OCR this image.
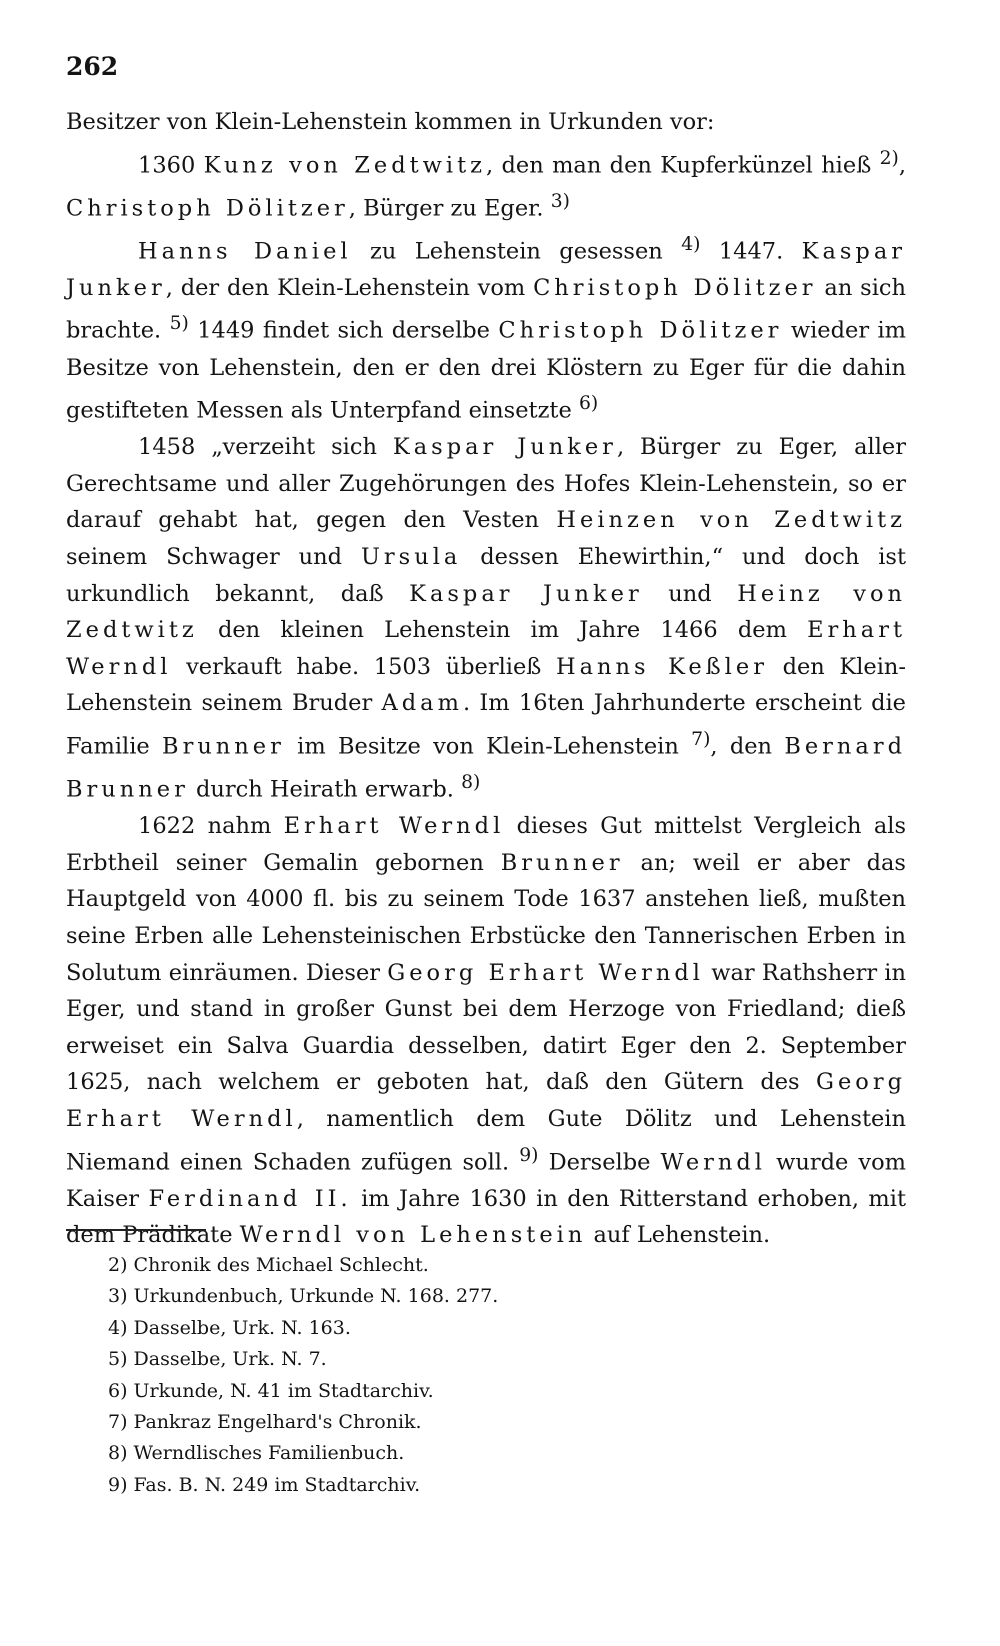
262

Besitzer von Klein-Lehenstein kommen in Urkunden vor:

1360 Kunz von Zedtwitz, den man den Kupferkünzel hieß $^{2)}$, Christoph Dölitzer, Bürger zu Eger. $^{3)}$

Hanns Daniel zu Lehenstein gesessen $^{4)}$ 1447. Kaspar Junker, der den Klein-Lehenstein vom Christoph Dölitzer an sich brachte. $^{5)}$ 1449 findet sich derselbe Christoph Dölitzer wieder im Besitze von Lehenstein, den er den drei Klöstern zu Eger für die dahin gestifteten Messen als Unterpfand einsetzte $^{6)}$

1458 „verzeiht sich Kaspar Junker, Bürger zu Eger, aller Gerechtsame und aller Zugehörungen des Hofes Klein-Lehenstein, so er darauf gehabt hat, gegen den Vesten Heinzen von Zedtwitz seinem Schwager und Ursula dessen Ehewirthin,“ und doch ist urkundlich bekannt, daß Kaspar Junker und Heinz von Zedtwitz den kleinen Lehenstein im Jahre 1466 dem Erhart Werndl verkauft habe. 1503 überließ Hanns Keßler den Klein-Lehenstein seinem Bruder Adam. Im 16ten Jahrhunderte erscheint die Familie Brunner im Besitze von Klein-Lehenstein $^{7)}$, den Bernard Brunner durch Heirath erwarb. $^{8)}$

1622 nahm Erhart Werndl dieses Gut mittelst Vergleich als Erbtheil seiner Gemalin gebornen Brunner an; weil er aber das Hauptgeld von 4000 fl. bis zu seinem Tode 1637 anstehen ließ, mußten seine Erben alle Lehensteinischen Erbstücke den Tannerischen Erben in Solutum einräumen. Dieser Georg Erhart Werndl war Rathsherr in Eger, und stand in großer Gunst bei dem Herzoge von Friedland; dieß erweiset ein Salva Guardia desselben, datirt Eger den 2. September 1625, nach welchem er geboten hat, daß den Gütern des Georg Erhart Werndl, namentlich dem Gute Dölitz und Lehenstein Niemand einen Schaden zufügen soll. $^{9)}$ Derselbe Werndl wurde vom Kaiser Ferdinand II. im Jahre 1630 in den Ritterstand erhoben, mit dem Prädikate Werndl von Lehenstein auf Lehenstein.

2) Chronik des Michael Schlecht.
3) Urkundenbuch, Urkunde N. 168. 277.
4) Dasselbe, Urk. N. 163.
5) Dasselbe, Urk. N. 7.
6) Urkunde, N. 41 im Stadtarchiv.
7) Pankraz Engelhard's Chronik.
8) Werndlisches Familienbuch.
9) Fas. B. N. 249 im Stadtarchiv.
